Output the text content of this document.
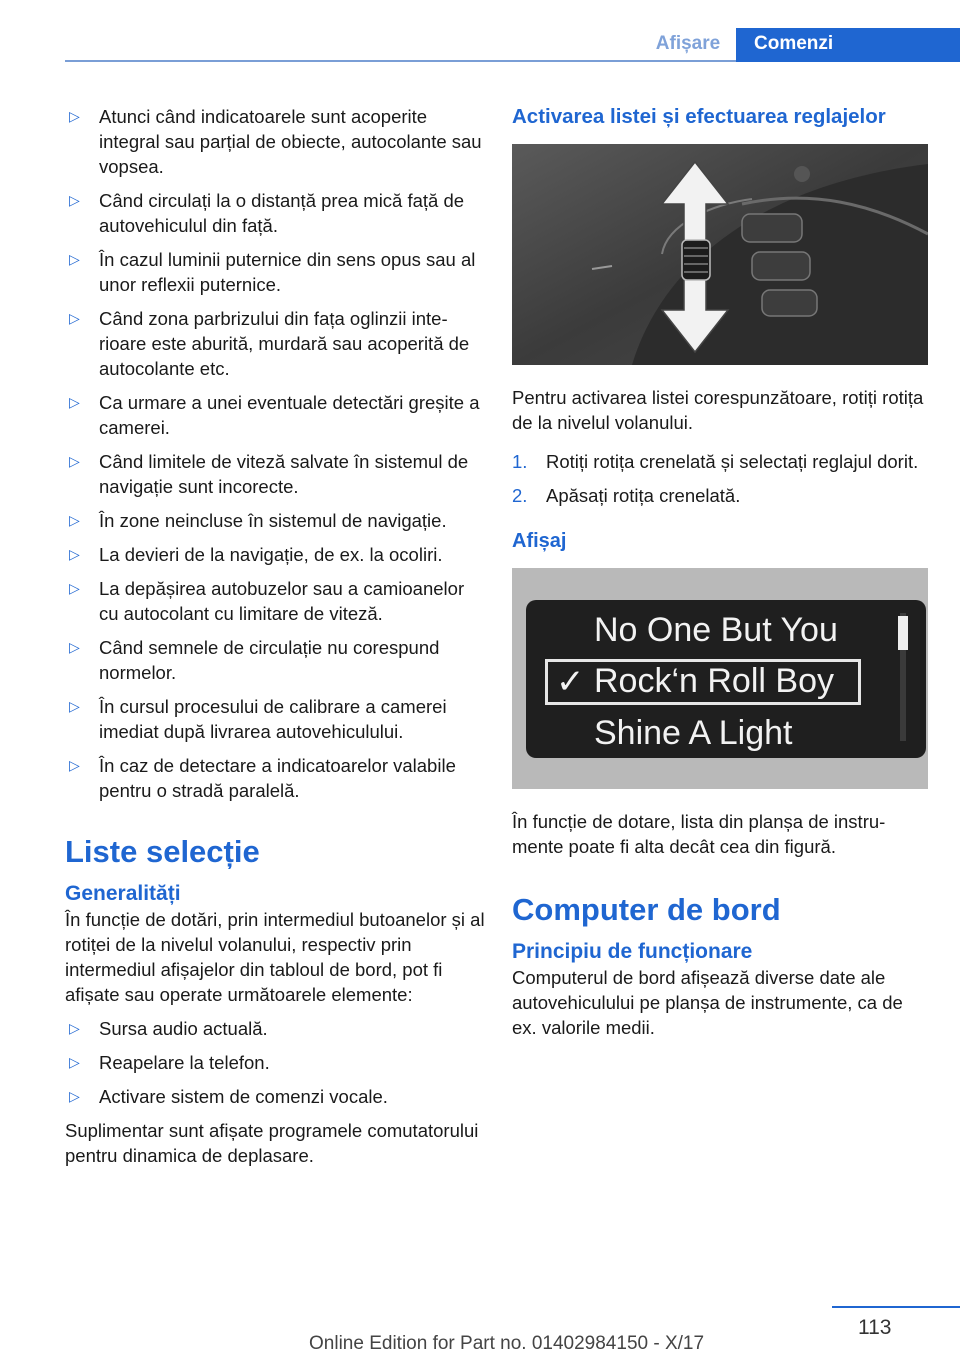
Afișare	Comenzi
▷ Atunci când indicatoarele sunt acoperite integral sau parțial de obiecte, autocolante sau vopsea.
▷ Când circulați la o distanță prea mică față de autovehiculul din față.
▷ În cazul luminii puternice din sens opus sau al unor reflexii puternice.
▷ Când zona parbrizului din fața oglinzii interioare este aburită, murdară sau acoperită de autocolante etc.
▷ Ca urmare a unei eventuale detectări greșite a camerei.
▷ Când limitele de viteză salvate în sistemul de navigație sunt incorecte.
▷ În zone neincluse în sistemul de navigație.
▷ La devieri de la navigație, de ex. la ocoliri.
▷ La depășirea autobuzelor sau a camioanelor cu autocolant cu limitare de viteză.
▷ Când semnele de circulație nu corespund normelor.
▷ În cursul procesului de calibrare a camerei imediat după livrarea autovehiculului.
▷ În caz de detectare a indicatoarelor valabile pentru o stradă paralelă.
Liste selecție
Generalități
În funcție de dotări, prin intermediul butoanelor și al rotiței de la nivelul volanului, respectiv prin intermediul afișajelor din tabloul de bord, pot fi afișate sau operate următoarele elemente:
▷ Sursa audio actuală.
▷ Reapelare la telefon.
▷ Activare sistem de comenzi vocale.
Suplimentar sunt afișate programele comutatorului pentru dinamica de deplasare.
Activarea listei și efectuarea reglajelor
Pentru activarea listei corespunzătoare, rotiți rotița de la nivelul volanului.
1. Rotiți rotița crenelată și selectați reglajul dorit.
2. Apăsați rotița crenelată.
Afișaj
No One But You
✓ Rock‘n Roll Boy
Shine A Light
În funcție de dotare, lista din planșa de instrumente poate fi alta decât cea din figură.
Computer de bord
Principiu de funcționare
Computerul de bord afișează diverse date ale autovehiculului pe planșa de instrumente, ca de ex. valorile medii.
113
Online Edition for Part no. 01402984150 - X/17
